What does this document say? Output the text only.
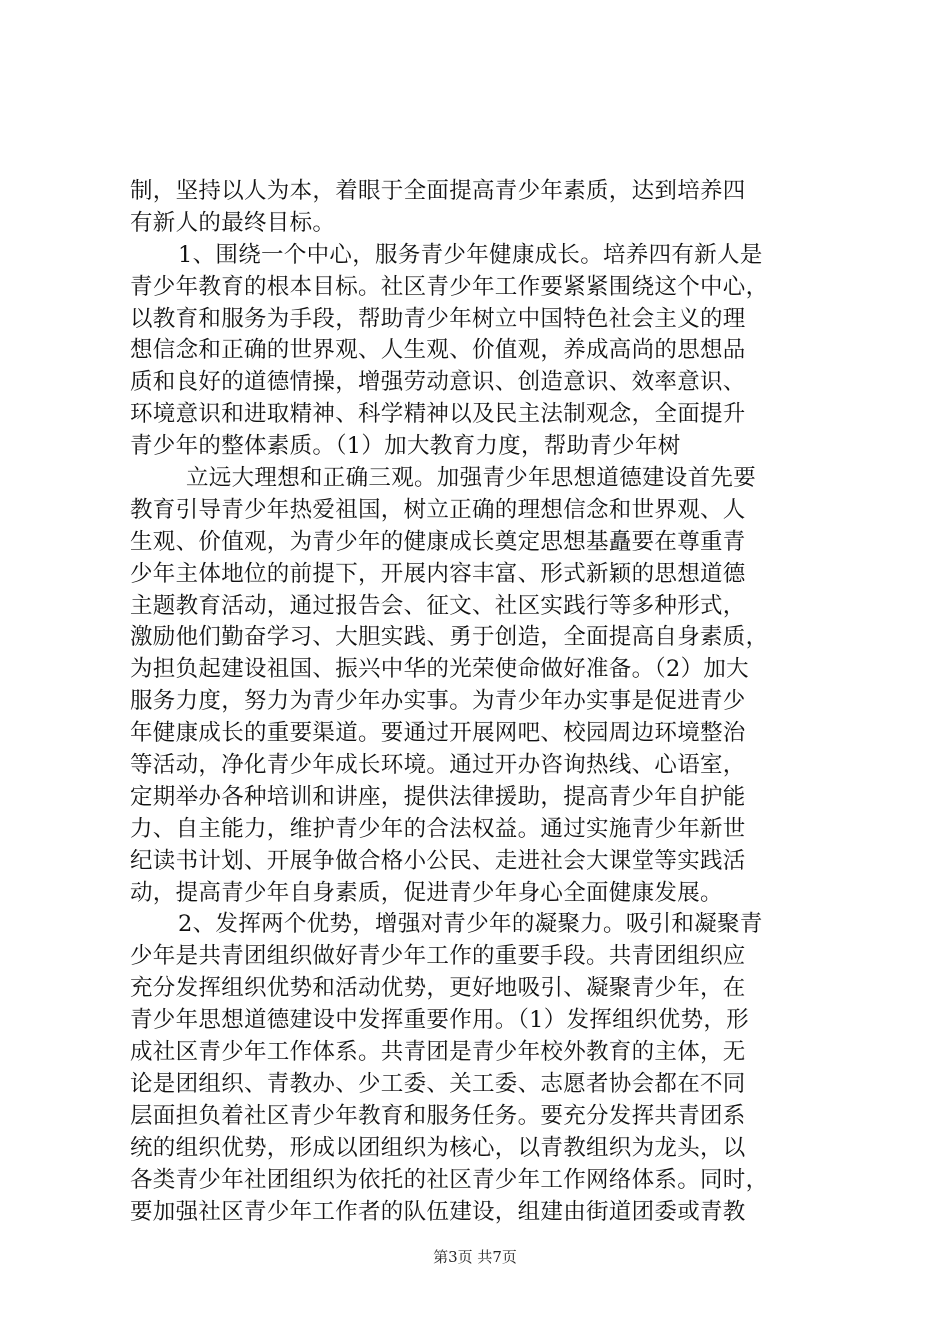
制，坚持以人为本，着眼于全面提高青少年素质，达到培养四
有新人的最终目标。
1、围绕一个中心，服务青少年健康成长。培养四有新人是
青少年教育的根本目标。社区青少年工作要紧紧围绕这个中心，
以教育和服务为手段，帮助青少年树立中国特色社会主义的理
想信念和正确的世界观、人生观、价值观，养成高尚的思想品
质和良好的道德情操，增强劳动意识、创造意识、效率意识、
环境意识和进取精神、科学精神以及民主法制观念，全面提升
青少年的整体素质。（1）加大教育力度，帮助青少年树
立远大理想和正确三观。加强青少年思想道德建设首先要
教育引导青少年热爱祖国，树立正确的理想信念和世界观、人
生观、价值观，为青少年的健康成长奠定思想基矗要在尊重青
少年主体地位的前提下，开展内容丰富、形式新颖的思想道德
主题教育活动，通过报告会、征文、社区实践行等多种形式，
激励他们勤奋学习、大胆实践、勇于创造，全面提高自身素质，
为担负起建设祖国、振兴中华的光荣使命做好准备。（2）加大
服务力度，努力为青少年办实事。为青少年办实事是促进青少
年健康成长的重要渠道。要通过开展网吧、校园周边环境整治
等活动，净化青少年成长环境。通过开办咨询热线、心语室，
定期举办各种培训和讲座，提供法律援助，提高青少年自护能
力、自主能力，维护青少年的合法权益。通过实施青少年新世
纪读书计划、开展争做合格小公民、走进社会大课堂等实践活
动，提高青少年自身素质，促进青少年身心全面健康发展。
2、发挥两个优势，增强对青少年的凝聚力。吸引和凝聚青
少年是共青团组织做好青少年工作的重要手段。共青团组织应
充分发挥组织优势和活动优势，更好地吸引、凝聚青少年，在
青少年思想道德建设中发挥重要作用。（1）发挥组织优势，形
成社区青少年工作体系。共青团是青少年校外教育的主体，无
论是团组织、青教办、少工委、关工委、志愿者协会都在不同
层面担负着社区青少年教育和服务任务。要充分发挥共青团系
统的组织优势，形成以团组织为核心，以青教组织为龙头，以
各类青少年社团组织为依托的社区青少年工作网络体系。同时，
要加强社区青少年工作者的队伍建设，组建由街道团委或青教
第3页 共7页
